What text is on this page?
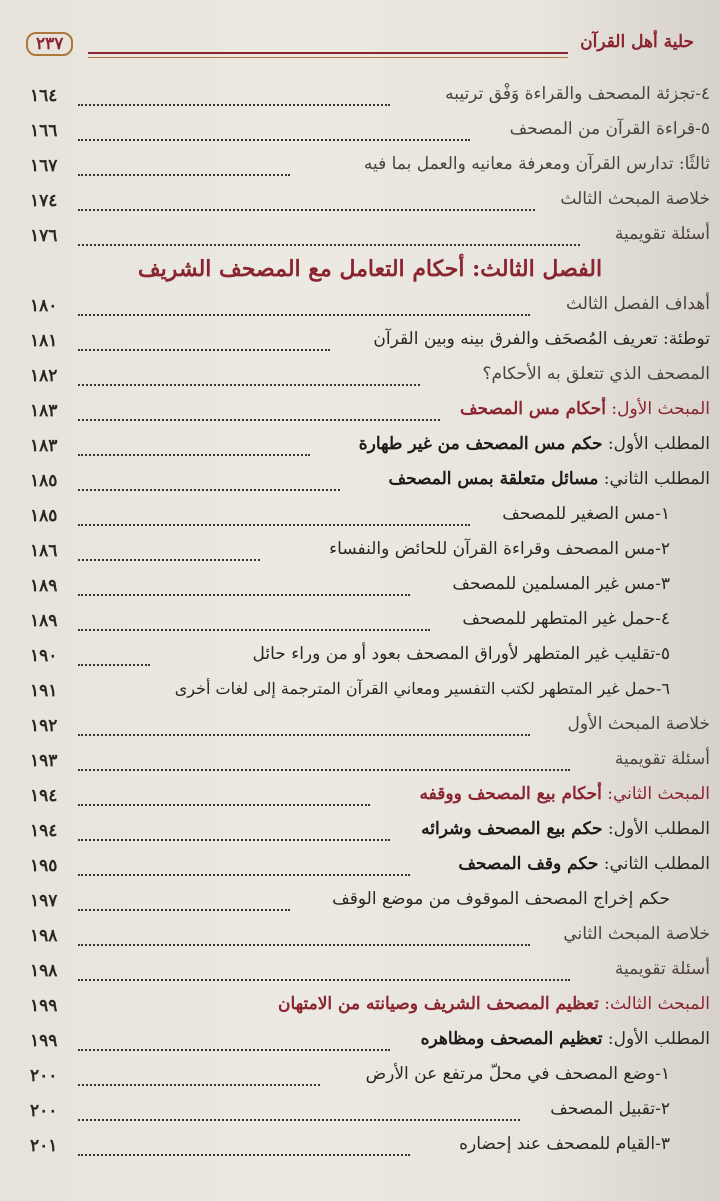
حلية أهل القرآن
٢٣٧
٤-تجزئة المصحف والقراءة وَفْق ترتيبه
١٦٤
٥-قراءة القرآن من المصحف
١٦٦
ثالثًا: تدارس القرآن ومعرفة معانيه والعمل بما فيه
١٦٧
خلاصة المبحث الثالث
١٧٤
أسئلة تقويمية
١٧٦
الفصل الثالث: أحكام التعامل مع المصحف الشريف
أهداف الفصل الثالث
١٨٠
توطئة: تعريف المُصحَف والفرق بينه وبين القرآن
١٨١
المصحف الذي تتعلق به الأحكام؟
١٨٢
المبحث الأول: أحكام مس المصحف
١٨٣
المطلب الأول: حكم مس المصحف من غير طهارة
١٨٣
المطلب الثاني: مسائل متعلقة بمس المصحف
١٨٥
١-مس الصغير للمصحف
١٨٥
٢-مس المصحف وقراءة القرآن للحائض والنفساء
١٨٦
٣-مس غير المسلمين للمصحف
١٨٩
٤-حمل غير المتطهر للمصحف
١٨٩
٥-تقليب غير المتطهر لأوراق المصحف بعود أو من وراء حائل
١٩٠
٦-حمل غير المتطهر لكتب التفسير ومعاني القرآن المترجمة إلى لغات أخرى
١٩١
خلاصة المبحث الأول
١٩٢
أسئلة تقويمية
١٩٣
المبحث الثاني: أحكام بيع المصحف ووقفه
١٩٤
المطلب الأول: حكم بيع المصحف وشرائه
١٩٤
المطلب الثاني: حكم وقف المصحف
١٩٥
حكم إخراج المصحف الموقوف من موضع الوقف
١٩٧
خلاصة المبحث الثاني
١٩٨
أسئلة تقويمية
١٩٨
المبحث الثالث: تعظيم المصحف الشريف وصيانته من الامتهان
١٩٩
المطلب الأول: تعظيم المصحف ومظاهره
١٩٩
١-وضع المصحف في محلّ مرتفع عن الأرض
٢٠٠
٢-تقبيل المصحف
٢٠٠
٣-القيام للمصحف عند إحضاره
٢٠١
